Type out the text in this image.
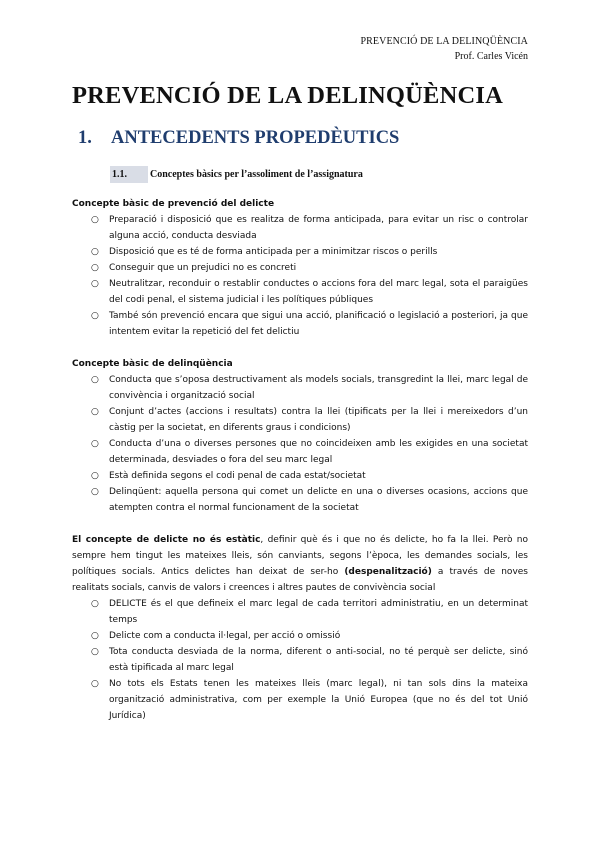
PREVENCIÓ DE LA DELINQÜÈNCIA
Prof. Carles Vicén
PREVENCIÓ DE LA DELINQÜÈNCIA
1. ANTECEDENTS PROPEDÈUTICS
1.1. Conceptes bàsics per l’assoliment de l’assignatura

Concepte bàsic de prevenció del delicte

○ Preparació i disposició que es realitza de forma anticipada, para evitar un risc o controlar alguna acció, conducta desviada
○ Disposició que es té de forma anticipada per a minimitzar riscos o perills
○ Conseguir que un prejudici no es concreti
○ Neutralitzar, reconduir o restablir conductes o accions fora del marc legal, sota el paraigües del codi penal, el sistema judicial i les polítiques públiques
○ També són prevenció encara que sigui una acció, planificació o legislació a posteriori, ja que intentem evitar la repetició del fet delictiu

Concepte bàsic de delinqüència

○ Conducta que s’oposa destructivament als models socials, transgredint la llei, marc legal de convivència i organització social
○ Conjunt d’actes (accions i resultats) contra la llei (tipificats per la llei i mereixedors d’un càstig per la societat, en diferents graus i condicions)
○ Conducta d’una o diverses persones que no coincideixen amb les exigides en una societat determinada, desviades o fora del seu marc legal
○ Està definida segons el codi penal de cada estat/societat
○ Delinqüent: aquella persona qui comet un delicte en una o diverses ocasions, accions que atempten contra el normal funcionament de la societat

El concepte de delicte no és estàtic, definir què és i que no és delicte, ho fa la llei. Però no sempre hem tingut les mateixes lleis, són canviants, segons l’època, les demandes socials, les polítiques socials. Antics delictes han deixat de ser-ho (despenalització) a través de noves realitats socials, canvis de valors i creences i altres pautes de convivència social

○ DELICTE és el que defineix el marc legal de cada territori administratiu, en un determinat temps
○ Delicte com a conducta il·legal, per acció o omissió
○ Tota conducta desviada de la norma, diferent o anti-social, no té perquè ser delicte, sinó està tipificada al marc legal
○ No tots els Estats tenen les mateixes lleis (marc legal), ni tan sols dins la mateixa organització administrativa, com per exemple la Unió Europea (que no és del tot Unió Jurídica)
